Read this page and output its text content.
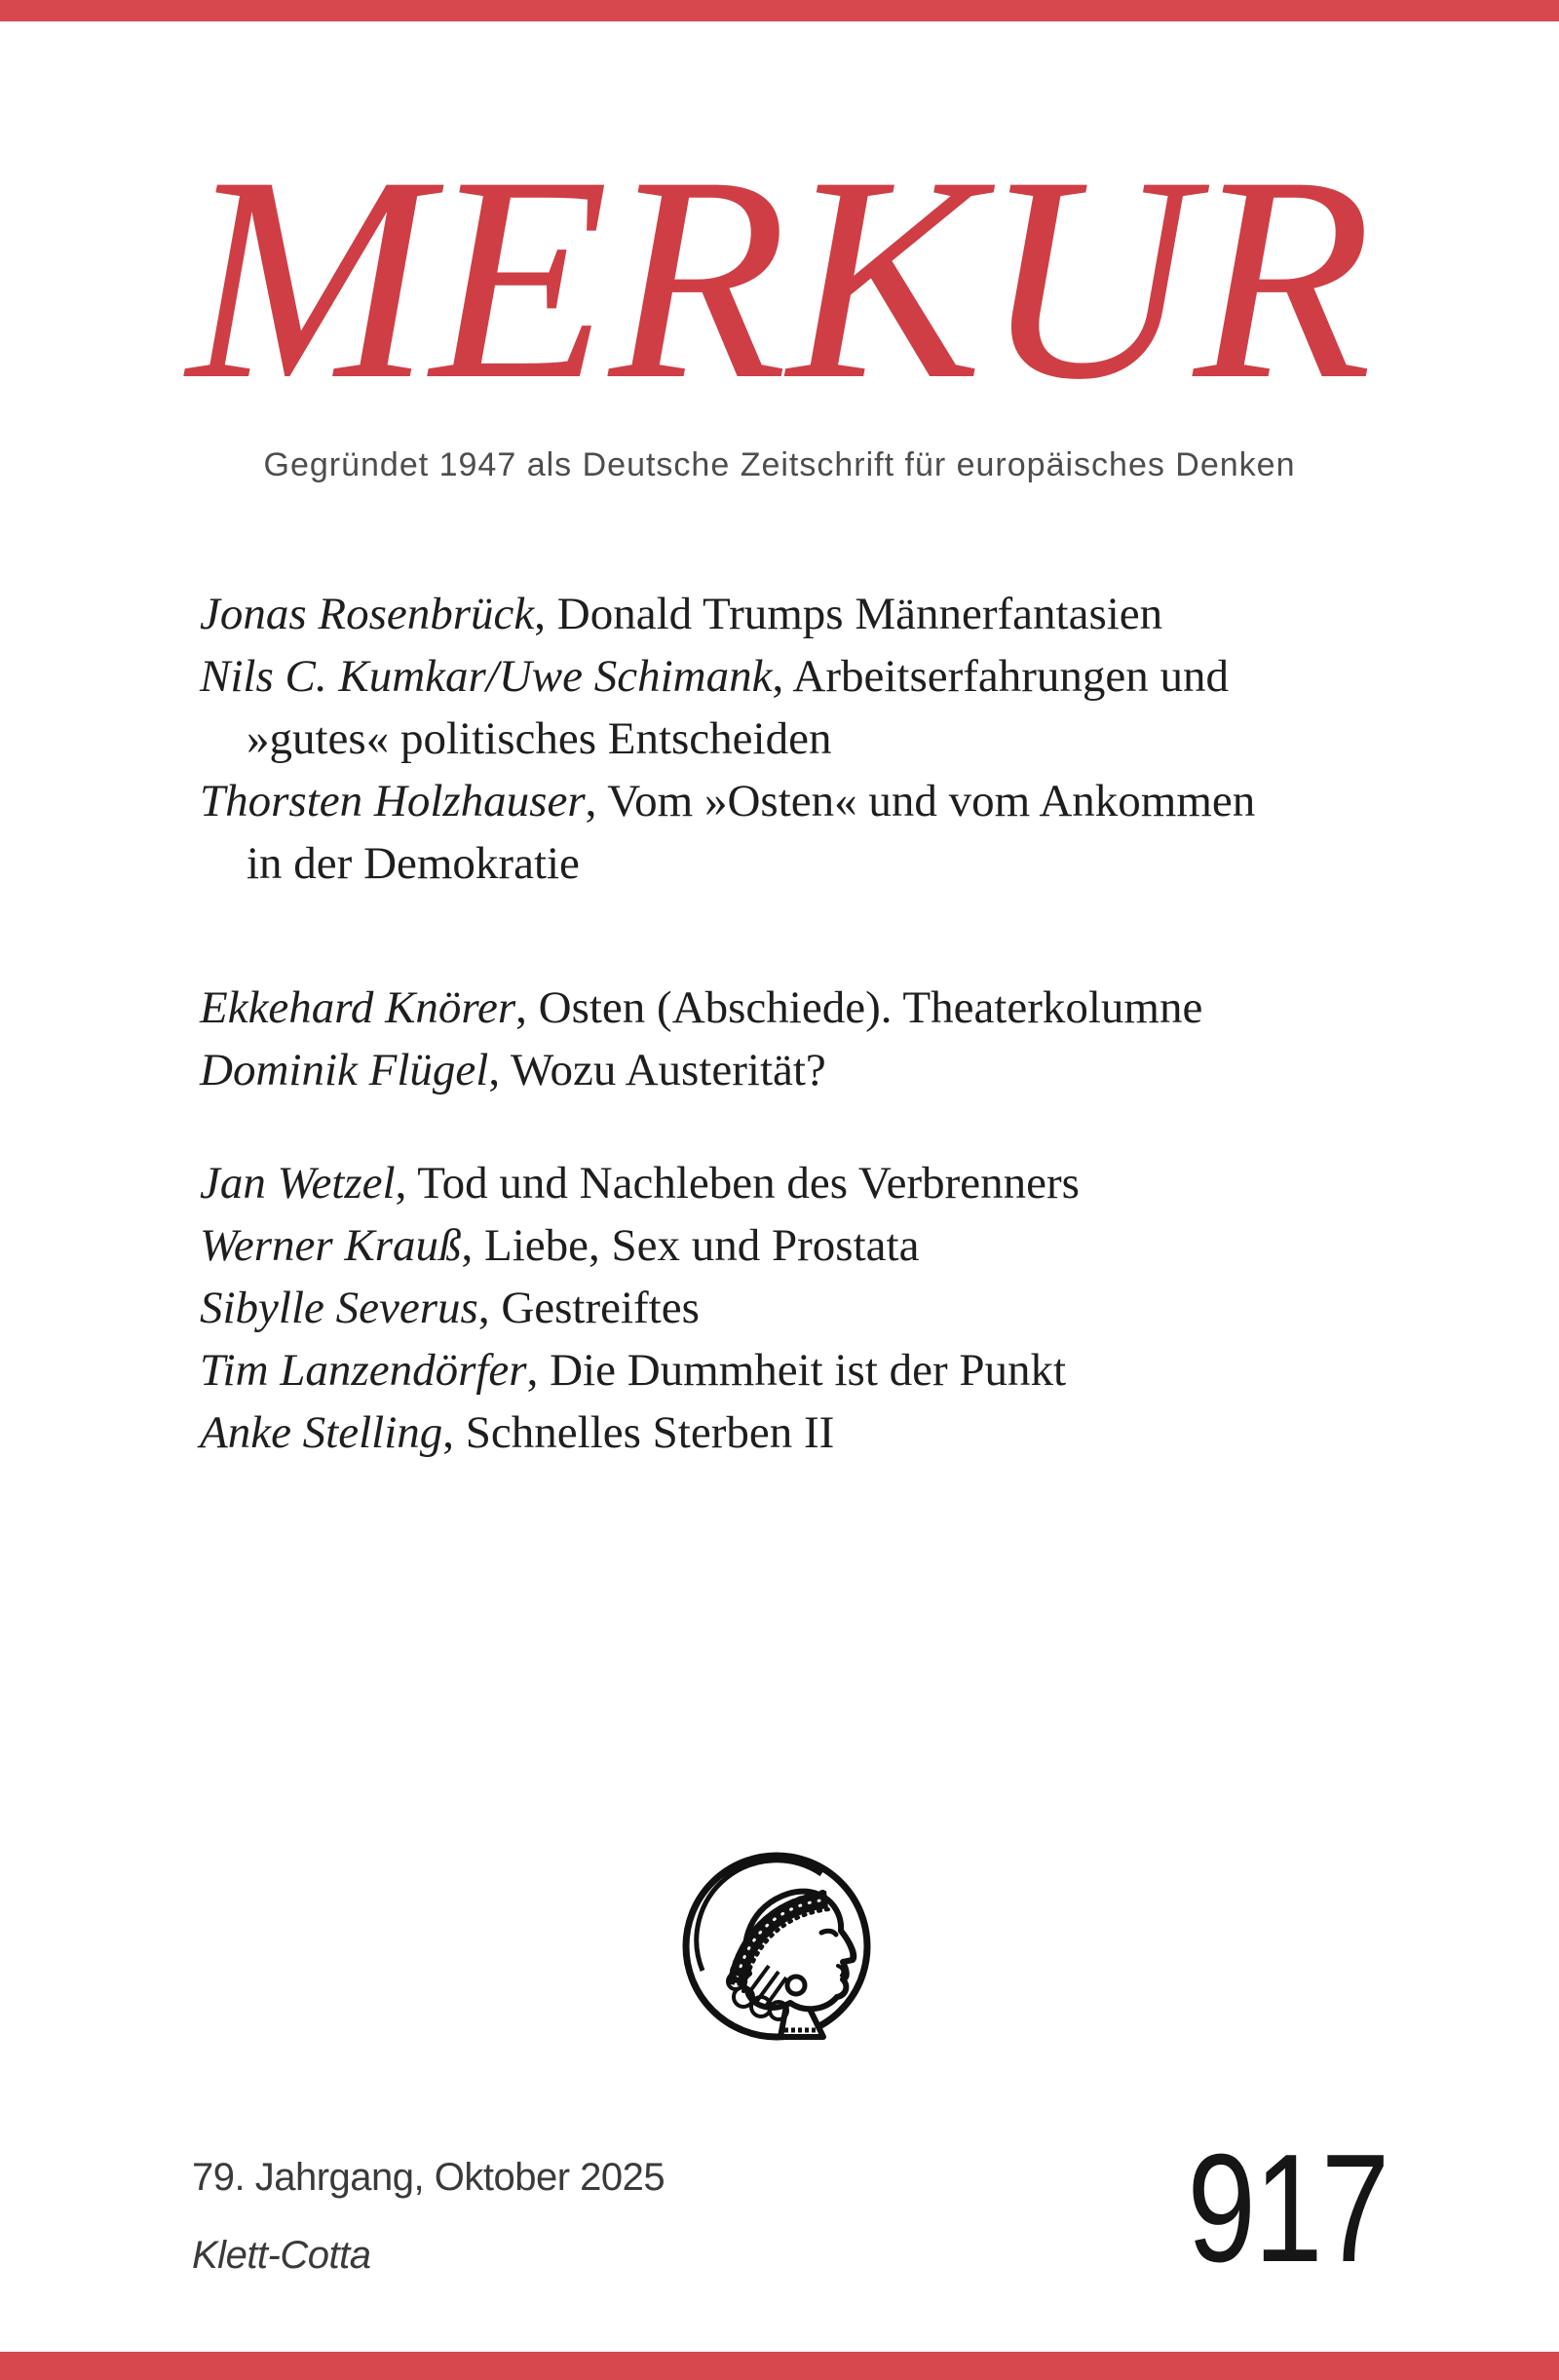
MERKUR
Gegründet 1947 als Deutsche Zeitschrift für europäisches Denken
Jonas Rosenbrück, Donald Trumps Männerfantasien
Nils C. Kumkar/Uwe Schimank, Arbeitserfahrungen und
»gutes« politisches Entscheiden
Thorsten Holzhauser, Vom »Osten« und vom Ankommen
in der Demokratie
Ekkehard Knörer, Osten (Abschiede). Theaterkolumne
Dominik Flügel, Wozu Austerität?
Jan Wetzel, Tod und Nachleben des Verbrenners
Werner Krauß, Liebe, Sex und Prostata
Sibylle Severus, Gestreiftes
Tim Lanzendörfer, Die Dummheit ist der Punkt
Anke Stelling, Schnelles Sterben II
79. Jahrgang, Oktober 2025
Klett-Cotta	917
